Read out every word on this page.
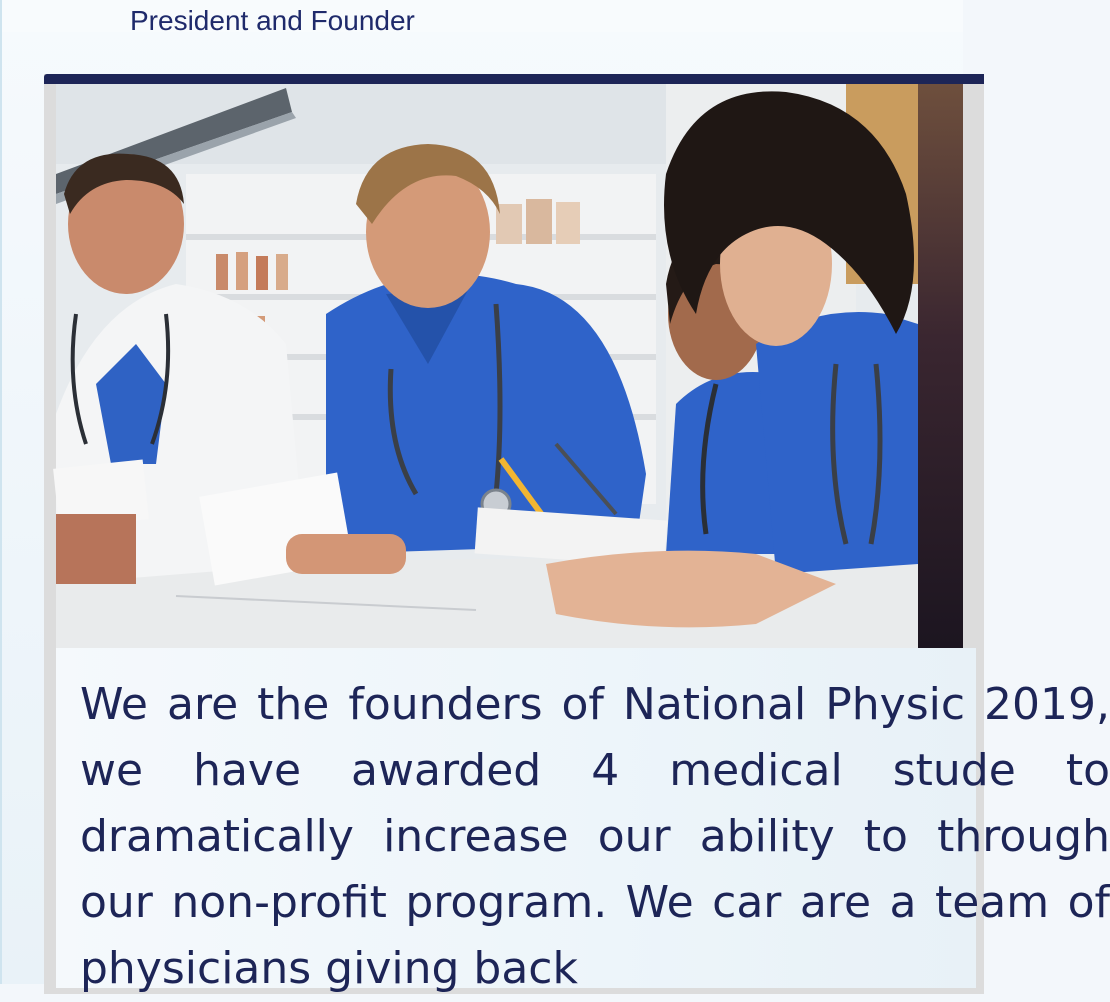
President and Founder

We are the founders of National Physic 2019, we have awarded 4 medical stude to dramatically increase our ability to through our non-profit program. We car are a team of physicians giving back
